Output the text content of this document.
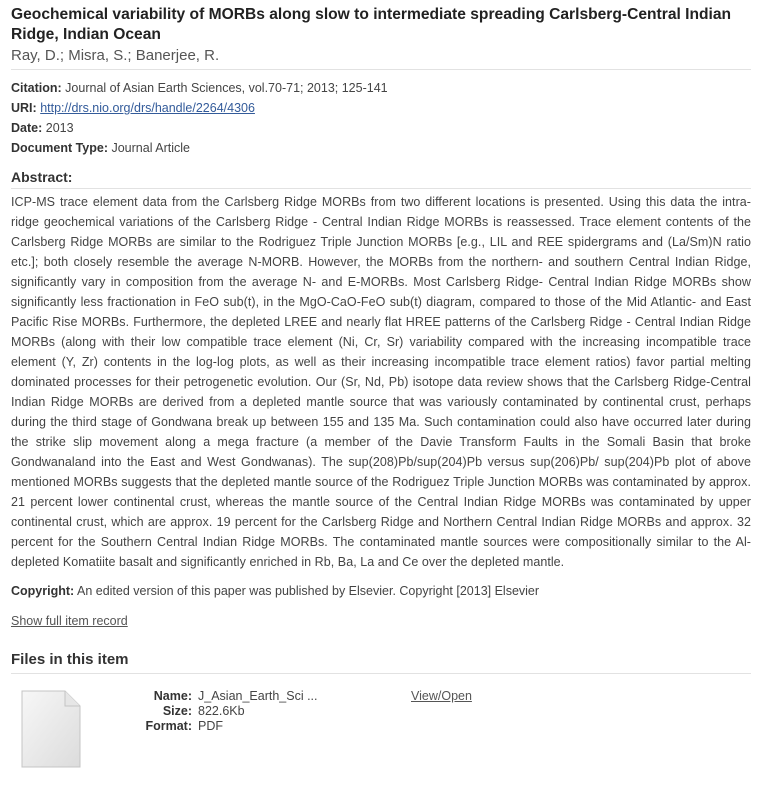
Geochemical variability of MORBs along slow to intermediate spreading Carlsberg-Central Indian Ridge, Indian Ocean
Ray, D.; Misra, S.; Banerjee, R.
Citation: Journal of Asian Earth Sciences, vol.70-71; 2013; 125-141
URI: http://drs.nio.org/drs/handle/2264/4306
Date: 2013
Document Type: Journal Article
Abstract:

ICP-MS trace element data from the Carlsberg Ridge MORBs from two different locations is presented. Using this data the intra-ridge geochemical variations of the Carlsberg Ridge - Central Indian Ridge MORBs is reassessed. Trace element contents of the Carlsberg Ridge MORBs are similar to the Rodriguez Triple Junction MORBs [e.g., LIL and REE spidergrams and (La/Sm)N ratio etc.]; both closely resemble the average N-MORB. However, the MORBs from the northern- and southern Central Indian Ridge, significantly vary in composition from the average N- and E-MORBs. Most Carlsberg Ridge- Central Indian Ridge MORBs show significantly less fractionation in FeO sub(t), in the MgO-CaO-FeO sub(t) diagram, compared to those of the Mid Atlantic- and East Pacific Rise MORBs. Furthermore, the depleted LREE and nearly flat HREE patterns of the Carlsberg Ridge - Central Indian Ridge MORBs (along with their low compatible trace element (Ni, Cr, Sr) variability compared with the increasing incompatible trace element (Y, Zr) contents in the log-log plots, as well as their increasing incompatible trace element ratios) favor partial melting dominated processes for their petrogenetic evolution. Our (Sr, Nd, Pb) isotope data review shows that the Carlsberg Ridge-Central Indian Ridge MORBs are derived from a depleted mantle source that was variously contaminated by continental crust, perhaps during the third stage of Gondwana break up between 155 and 135 Ma. Such contamination could also have occurred later during the strike slip movement along a mega fracture (a member of the Davie Transform Faults in the Somali Basin that broke Gondwanaland into the East and West Gondwanas). The sup(208)Pb/sup(204)Pb versus sup(206)Pb/ sup(204)Pb plot of above mentioned MORBs suggests that the depleted mantle source of the Rodriguez Triple Junction MORBs was contaminated by approx. 21 percent lower continental crust, whereas the mantle source of the Central Indian Ridge MORBs was contaminated by upper continental crust, which are approx. 19 percent for the Carlsberg Ridge and Northern Central Indian Ridge MORBs and approx. 32 percent for the Southern Central Indian Ridge MORBs. The contaminated mantle sources were compositionally similar to the Al-depleted Komatiite basalt and significantly enriched in Rb, Ba, La and Ce over the depleted mantle.

Copyright: An edited version of this paper was published by Elsevier. Copyright [2013] Elsevier
Show full item record
Files in this item
Name: J_Asian_Earth_Sci ...
Size: 822.6Kb
Format: PDF
View/Open
